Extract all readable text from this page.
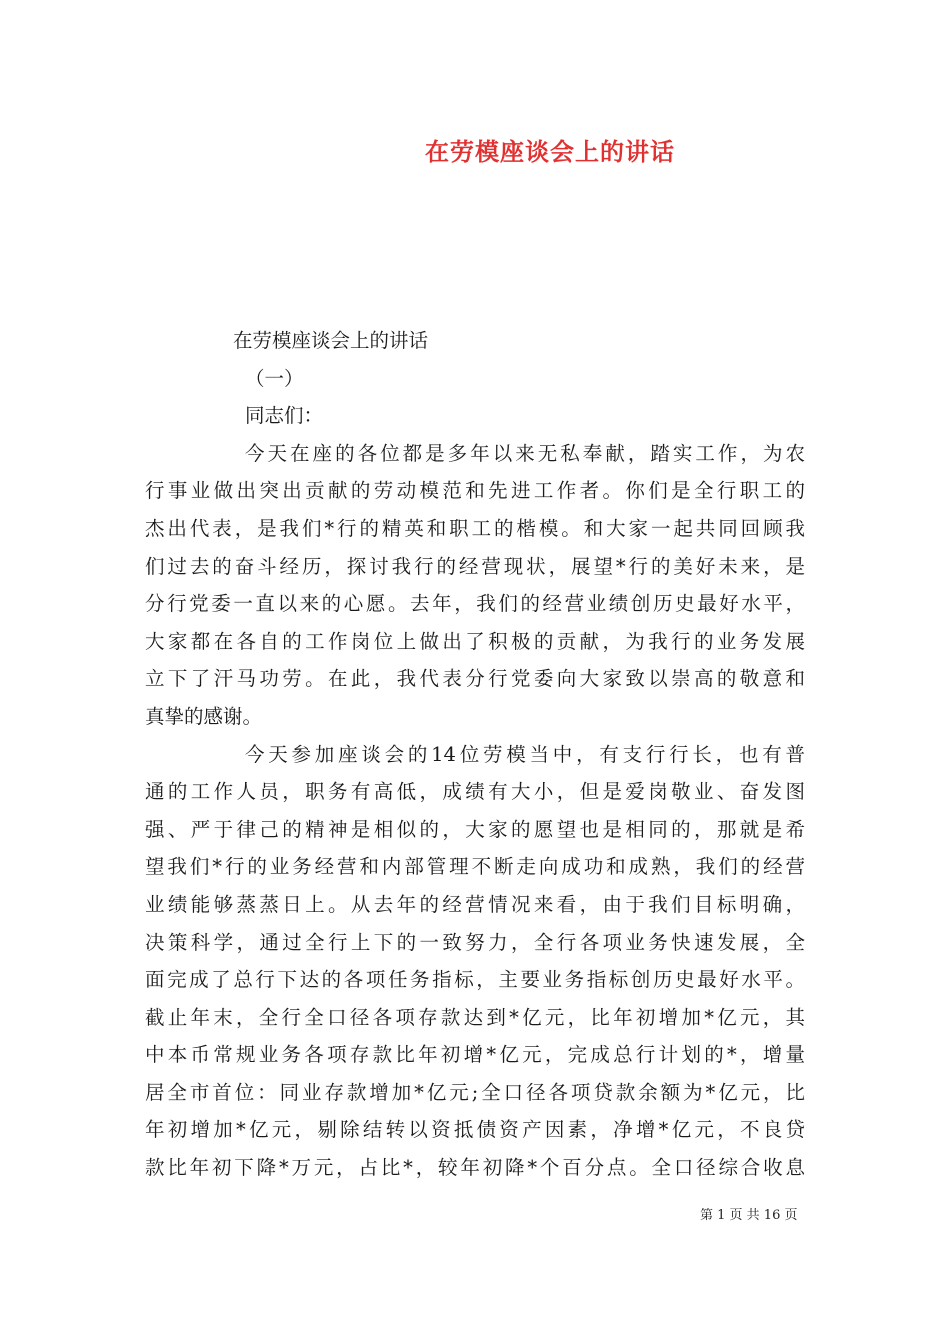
在劳模座谈会上的讲话
在劳模座谈会上的讲话
（一）
同志们：
今天在座的各位都是多年以来无私奉献，踏实工作，为农
行事业做出突出贡献的劳动模范和先进工作者。你们是全行职工的
杰出代表，是我们*行的精英和职工的楷模。和大家一起共同回顾我
们过去的奋斗经历，探讨我行的经营现状，展望*行的美好未来，是
分行党委一直以来的心愿。去年，我们的经营业绩创历史最好水平，
大家都在各自的工作岗位上做出了积极的贡献，为我行的业务发展
立下了汗马功劳。在此，我代表分行党委向大家致以崇高的敬意和
真挚的感谢。
今天参加座谈会的14位劳模当中，有支行行长，也有普
通的工作人员，职务有高低，成绩有大小，但是爱岗敬业、奋发图
强、严于律己的精神是相似的，大家的愿望也是相同的，那就是希
望我们*行的业务经营和内部管理不断走向成功和成熟，我们的经营
业绩能够蒸蒸日上。从去年的经营情况来看，由于我们目标明确，
决策科学，通过全行上下的一致努力，全行各项业务快速发展，全
面完成了总行下达的各项任务指标，主要业务指标创历史最好水平。
截止年末，全行全口径各项存款达到*亿元，比年初增加*亿元，其
中本币常规业务各项存款比年初增*亿元，完成总行计划的*，增量
居全市首位：同业存款增加*亿元;全口径各项贷款余额为*亿元，比
年初增加*亿元，剔除结转以资抵债资产因素，净增*亿元，不良贷
款比年初下降*万元，占比*，较年初降*个百分点。全口径综合收息
第 1 页 共 16 页
